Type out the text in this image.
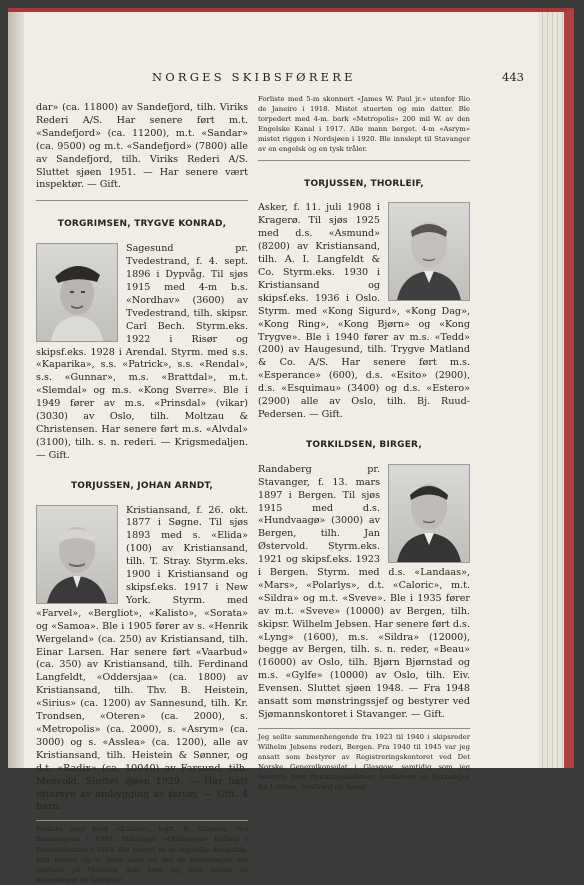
NORGES SKIBSFØRERE	443

dar» (ca. 11800) av Sandefjord, tilh. Viriks Rederi A/S. Har senere ført m.t. «Sandefjord» (ca. 11200), m.t. «Sandar» (ca. 9500) og m.t. «Sandefjord» (7800) alle av Sandefjord, tilh. Viriks Rederi A/S. Sluttet sjøen 1951. — Har senere vært inspektør. — Gift.

TORGRIMSEN, TRYGVE KONRAD,

Sagesund pr. Tvedestrand, f. 4. sept. 1896 i Dypvåg. Til sjøs 1915 med 4-m b.s. «Nordhav» (3600) av Tvedestrand, tilh. skipsr. Carl Bech. Styrm.eks. 1922 i Risør og skipsf.eks. 1928 i Arendal. Styrm. med s.s. «Kaparika», s.s. «Patrick», s.s. «Rendal», s.s. «Gunnar», m.s. «Brattdal», m.t. «Slemdal» og m.s. «Kong Sverre». Ble i 1949 fører av m.s. «Prinsdal» (vikar) (3030) av Oslo, tilh. Moltzau & Christensen. Har senere ført m.s. «Alvdal» (3100), tilh. s. n. rederi. — Krigsmedaljen. — Gift.

TORJUSSEN, JOHAN ARNDT,

Kristiansand, f. 26. okt. 1877 i Søgne. Til sjøs 1893 med s. «Elida» (100) av Kristiansand, tilh. T. Stray. Styrm.eks. 1900 i Kristiansand og skipsf.eks. 1917 i New York. Styrm. med «Farvel», «Bergliot», «Kalisto», «Sorata» og «Samoa». Ble i 1905 fører av s. «Henrik Wergeland» (ca. 250) av Kristiansand, tilh. Einar Larsen. Har senere ført «Vaarbud» (ca. 350) av Kristiansand, tilh. Ferdinand Langfeldt, «Oddersjaa» (ca. 1800) av Kristiansand, tilh. Thv. B. Heistein, «Sirius» (ca. 1200) av Sannesund, tilh. Kr. Trondsen, «Oteren» (ca. 2000), s. «Metropolis» (ca. 2000), s. «Asrym» (ca. 3000) og s. «Asslea» (ca. 1200), alle av Kristiansand, tilh. Heistein & Sønner, og d.t. «Radix» (ca. 10040) av Farsund, tilh. Mosvold. Sluttet sjøen 1929. — Har hatt ettersyn av ombygging av fartøy. — Gift. 4 barn.

Forliste med bark «Kalisto», kapt. B. Gilmark, ved Bamosøyene i 1903. Fullrigger «Oddersjaa» forliste i Franskebukten i 1914. Ble berget av to engelske dampskip. Min hustru og to barn samt en del av besetningen ble landsatt på Madeira, selv kom jeg med resten av mannskapet til Gibraltar.

Forliste med 5-m skonnert «James W. Paul jr.» utenfor Rio de Janeiro i 1918. Mistet stuerten og min datter. Ble torpedert med 4-m. bark «Metropolis» 200 mil W. av den Engelske Kanal i 1917. Alle mann berget. 4-m «Asrym» mistet riggen i Nordsjøen i 1920. Ble innslept til Stavanger av en engelsk og en tysk tråler.

TORJUSSEN, THORLEIF,

Asker, f. 11. juli 1908 i Kragerø. Til sjøs 1925 med d.s. «Asmund» (8200) av Kristiansand, tilh. A. I. Langfeldt & Co. Styrm.eks. 1930 i Kristiansand og skipsf.eks. 1936 i Oslo. Styrm. med «Kong Sigurd», «Kong Dag», «Kong Ring», «Kong Bjørn» og «Kong Trygve». Ble i 1940 fører av m.s. «Tedd» (200) av Haugesund, tilh. Trygve Matland & Co. A/S. Har senere ført m.s. «Esperance» (600), d.s. «Esito» (2900), d.s. «Esquimau» (3400) og d.s. «Estero» (2900) alle av Oslo, tilh. Bj. Ruud-Pedersen. — Gift.

TORKILDSEN, BIRGER,

Randaberg pr. Stavanger, f. 13. mars 1897 i Bergen. Til sjøs 1915 med d.s. «Hundvaagø» (3000) av Bergen, tilh. Jan Østervold. Styrm.eks. 1921 og skipsf.eks. 1923 i Bergen. Styrm. med d.s. «Landaas», «Mars», «Polarlys», d.t. «Caloric», m.t. «Sildra» og m.t. «Sveve». Ble i 1935 fører av m.t. «Sveve» (10000) av Bergen, tilh. skipsr. Wilhelm Jebsen. Har senere ført d.s. «Lyng» (1600), m.s. «Sildra» (12000), begge av Bergen, tilh. s. n. reder, «Beau» (16000) av Oslo, tilh. Bjørn Bjørnstad og m.s. «Gylfe» (10000) av Oslo, tilh. Eiv. Evensen. Sluttet sjøen 1948. — Fra 1948 ansatt som mønstringssjef og bestyrer ved Sjømannskontoret i Stavanger. — Gift.

Jeg seilte sammenhengende fra 1923 til 1940 i skipsreder Wilhelm Jebsens rederi, Bergen. Fra 1940 til 1945 var jeg ansatt som bestyrer av Registreringskontoret ved Det Norske Generalkonsulat i Glasgow, samtidig som jeg bestyrte flere flyktningekolonier, bestående av flyktninger fra Lofoten, Svalbard og Sørøy.
